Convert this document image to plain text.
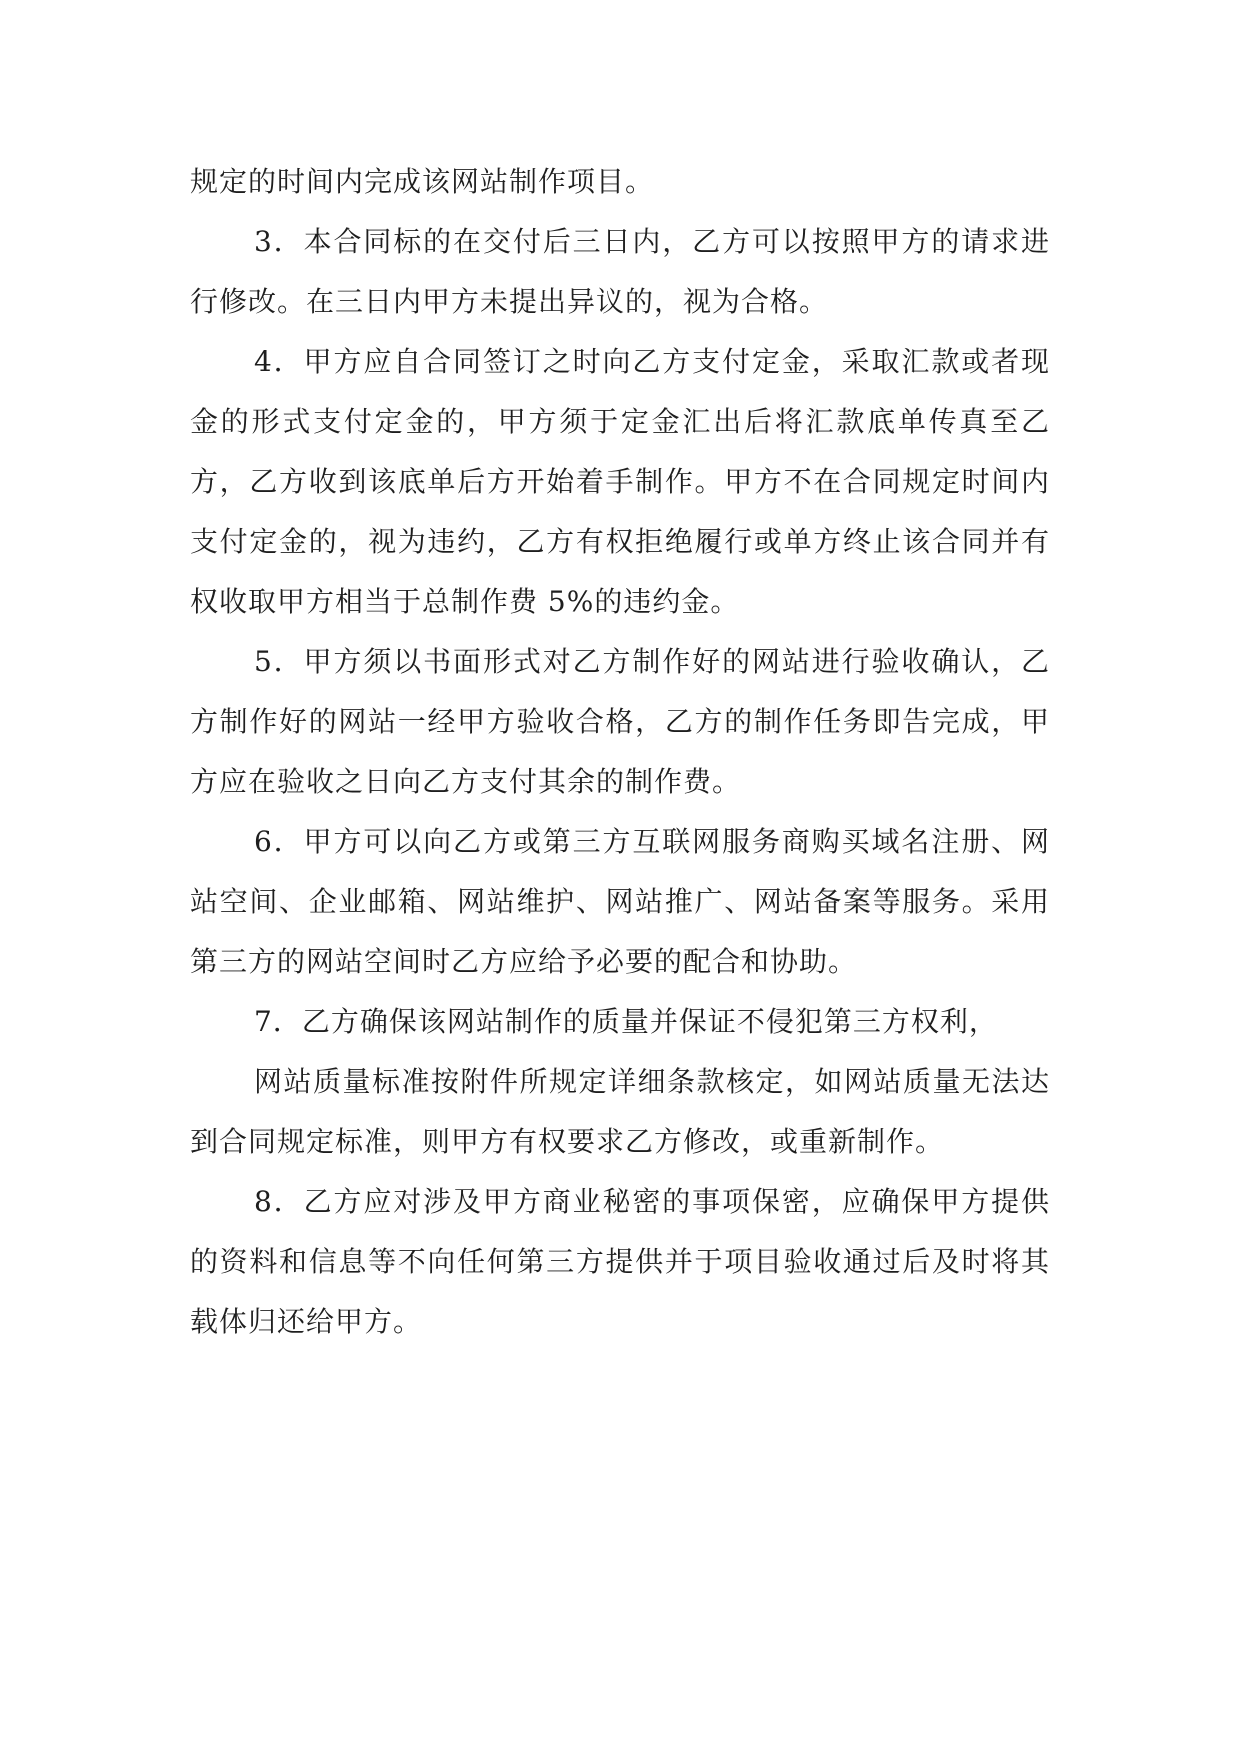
规定的时间内完成该网站制作项目。

3．本合同标的在交付后三日内，乙方可以按照甲方的请求进行修改。在三日内甲方未提出异议的，视为合格。

4．甲方应自合同签订之时向乙方支付定金，采取汇款或者现金的形式支付定金的，甲方须于定金汇出后将汇款底单传真至乙方，乙方收到该底单后方开始着手制作。甲方不在合同规定时间内支付定金的，视为违约，乙方有权拒绝履行或单方终止该合同并有权收取甲方相当于总制作费 5%的违约金。

5．甲方须以书面形式对乙方制作好的网站进行验收确认，乙方制作好的网站一经甲方验收合格，乙方的制作任务即告完成，甲方应在验收之日向乙方支付其余的制作费。

6．甲方可以向乙方或第三方互联网服务商购买域名注册、网站空间、企业邮箱、网站维护、网站推广、网站备案等服务。采用第三方的网站空间时乙方应给予必要的配合和协助。

7．乙方确保该网站制作的质量并保证不侵犯第三方权利，

网站质量标准按附件所规定详细条款核定，如网站质量无法达到合同规定标准，则甲方有权要求乙方修改，或重新制作。

8．乙方应对涉及甲方商业秘密的事项保密，应确保甲方提供的资料和信息等不向任何第三方提供并于项目验收通过后及时将其载体归还给甲方。
